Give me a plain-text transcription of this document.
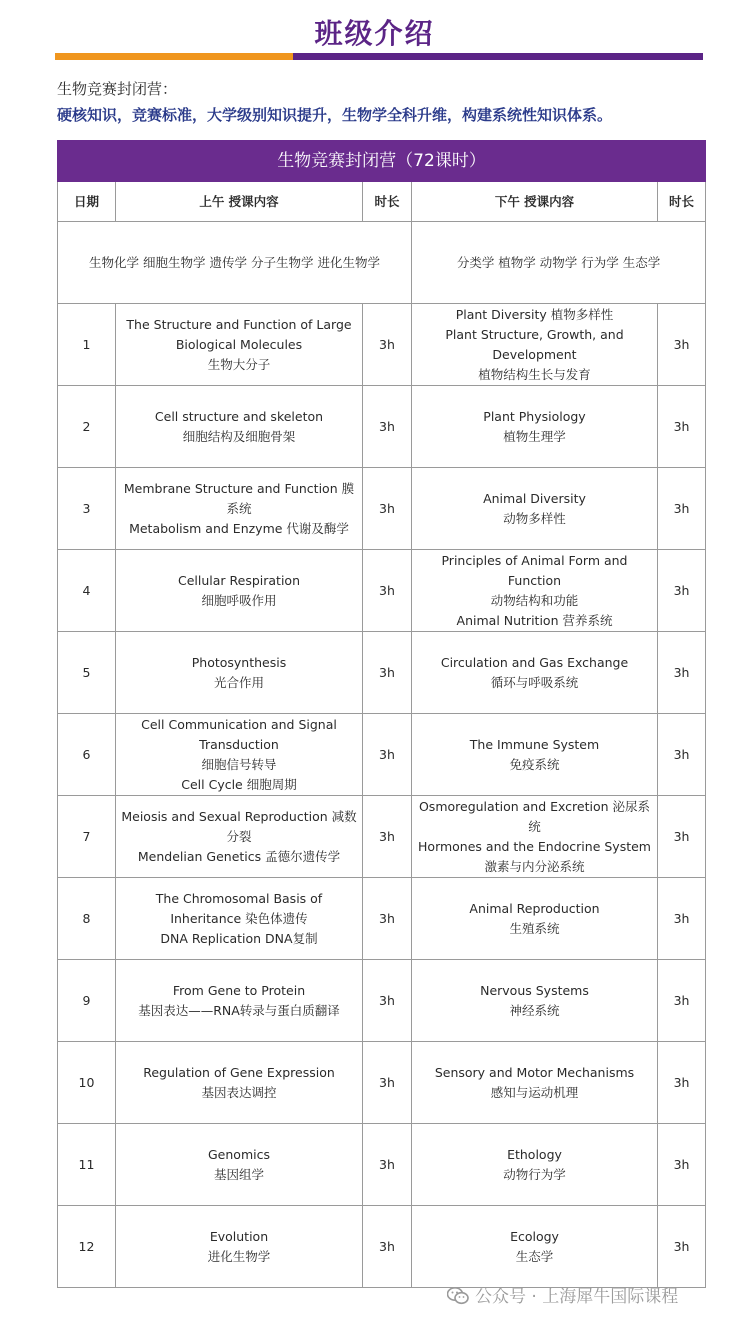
班级介绍
生物竞赛封闭营：
硬核知识，竞赛标准，大学级别知识提升，生物学全科升维，构建系统性知识体系。
生物竞赛封闭营（72课时）				
日期	上午 授课内容	时长	下午 授课内容	时长
生物化学 细胞生物学 遗传学 分子生物学 进化生物学			分类学 植物学 动物学 行为学 生态学	
1	The Structure and Function of Large
Biological Molecules
生物大分子	3h	Plant Diversity 植物多样性
Plant Structure, Growth, and
Development
植物结构生长与发育	3h
2	Cell structure and skeleton
细胞结构及细胞骨架	3h	Plant Physiology
植物生理学	3h
3	Membrane Structure and Function 膜
系统
Metabolism and Enzyme 代谢及酶学	3h	Animal Diversity
动物多样性	3h
4	Cellular Respiration
细胞呼吸作用	3h	Principles of Animal Form and
Function
动物结构和功能
Animal Nutrition 营养系统	3h
5	Photosynthesis
光合作用	3h	Circulation and Gas Exchange
循环与呼吸系统	3h
6	Cell Communication and Signal
Transduction
细胞信号转导
Cell Cycle 细胞周期	3h	The Immune System
免疫系统	3h
7	Meiosis and Sexual Reproduction 减数
分裂
Mendelian Genetics 孟德尔遗传学	3h	Osmoregulation and Excretion 泌尿系
统
Hormones and the Endocrine System
激素与内分泌系统	3h
8	The Chromosomal Basis of
Inheritance 染色体遗传
DNA Replication DNA复制	3h	Animal Reproduction
生殖系统	3h
9	From Gene to Protein
基因表达——RNA转录与蛋白质翻译	3h	Nervous Systems
神经系统	3h
10	Regulation of Gene Expression
基因表达调控	3h	Sensory and Motor Mechanisms
感知与运动机理	3h
11	Genomics
基因组学	3h	Ethology
动物行为学	3h
12	Evolution
进化生物学	3h	Ecology
生态学	3h
公众号 · 上海犀牛国际课程
